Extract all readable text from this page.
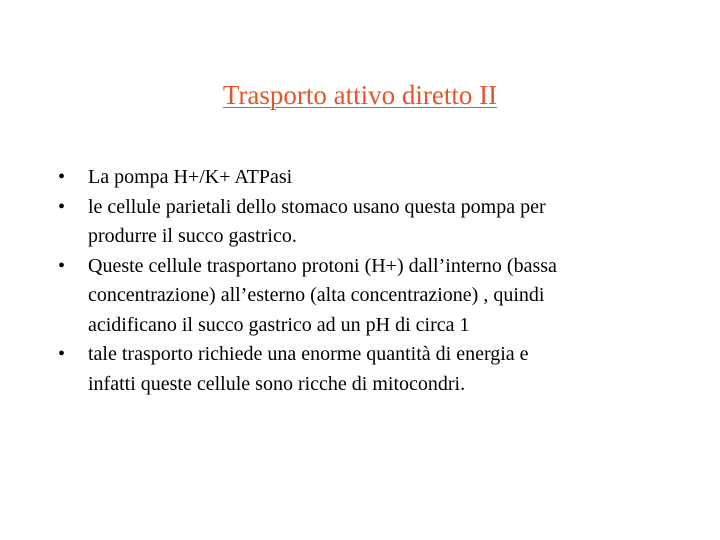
Trasporto attivo diretto II
•	La pompa H+/K+ ATPasi
•	le cellule parietali dello stomaco usano questa pompa per
produrre il succo gastrico.
•	Queste cellule trasportano protoni (H+) dall’interno (bassa
concentrazione) all’esterno (alta concentrazione) , quindi
acidificano il succo gastrico ad un pH di circa 1
•	tale trasporto richiede una enorme quantità di energia e
infatti queste cellule sono ricche di mitocondri.
